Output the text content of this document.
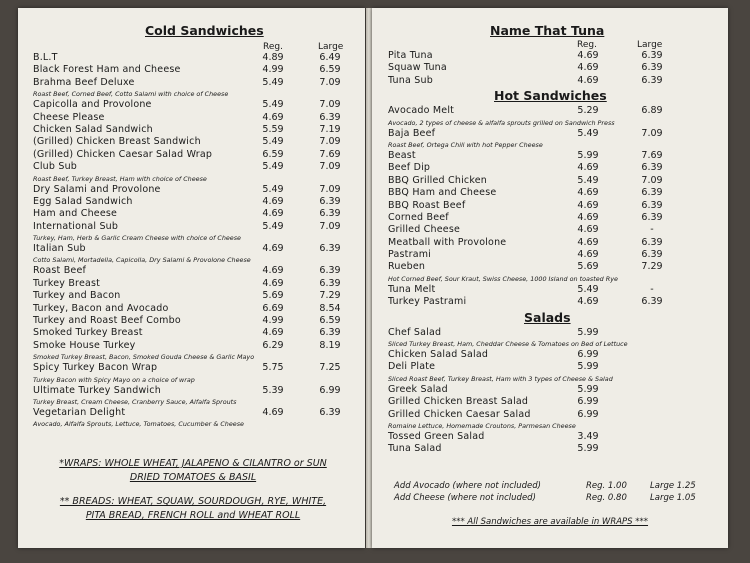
Cold Sandwiches
Reg.	Large
B.L.T	4.89	6.49
Black Forest Ham and Cheese	4.99	6.59
Brahma Beef Deluxe	5.49	7.09
Roast Beef, Corned Beef, Cotto Salami with choice of Cheese
Capicolla and Provolone	5.49	7.09
Cheese Please	4.69	6.39
Chicken Salad Sandwich	5.59	7.19
(Grilled) Chicken Breast Sandwich	5.49	7.09
(Grilled) Chicken Caesar Salad Wrap	6.59	7.69
Club Sub	5.49	7.09
Roast Beef, Turkey Breast, Ham with choice of Cheese
Dry Salami and Provolone	5.49	7.09
Egg Salad Sandwich	4.69	6.39
Ham and Cheese	4.69	6.39
International Sub	5.49	7.09
Turkey, Ham, Herb & Garlic Cream Cheese with choice of Cheese
Italian Sub	4.69	6.39
Cotto Salami, Mortadella, Capicolla, Dry Salami & Provolone Cheese
Roast Beef	4.69	6.39
Turkey Breast	4.69	6.39
Turkey and Bacon	5.69	7.29
Turkey, Bacon and Avocado	6.69	8.54
Turkey and Roast Beef Combo	4.99	6.59
Smoked Turkey Breast	4.69	6.39
Smoke House Turkey	6.29	8.19
Smoked Turkey Breast, Bacon, Smoked Gouda Cheese & Garlic Mayo
Spicy Turkey Bacon Wrap	5.75	7.25
Turkey Bacon with Spicy Mayo on a choice of wrap
Ultimate Turkey Sandwich	5.39	6.99
Turkey Breast, Cream Cheese, Cranberry Sauce, Alfalfa Sprouts
Vegetarian Delight	4.69	6.39
Avocado, Alfalfa Sprouts, Lettuce, Tomatoes, Cucumber & Cheese
*WRAPS: WHOLE WHEAT, JALAPENO & CILANTRO or SUN
DRIED TOMATOES & BASIL
** BREADS: WHEAT, SQUAW, SOURDOUGH, RYE, WHITE,
PITA BREAD, FRENCH ROLL and WHEAT ROLL
Name That Tuna
Reg.	Large
Pita Tuna	4.69	6.39
Squaw Tuna	4.69	6.39
Tuna Sub	4.69	6.39
Hot Sandwiches
Avocado Melt	5.29	6.89
Avocado, 2 types of cheese & alfalfa sprouts grilled on Sandwich Press
Baja Beef	5.49	7.09
Roast Beef, Ortega Chili with hot Pepper Cheese
Beast	5.99	7.69
Beef Dip	4.69	6.39
BBQ Grilled Chicken	5.49	7.09
BBQ Ham and Cheese	4.69	6.39
BBQ Roast Beef	4.69	6.39
Corned Beef	4.69	6.39
Grilled Cheese	4.69	-
Meatball with Provolone	4.69	6.39
Pastrami	4.69	6.39
Rueben	5.69	7.29
Hot Corned Beef, Sour Kraut, Swiss Cheese, 1000 Island on toasted Rye
Tuna Melt	5.49	-
Turkey Pastrami	4.69	6.39
Salads
Chef Salad	5.99
Sliced Turkey Breast, Ham, Cheddar Cheese & Tomatoes on Bed of Lettuce
Chicken Salad Salad	6.99
Deli Plate	5.99
Sliced Roast Beef, Turkey Breast, Ham with 3 types of Cheese & Salad
Greek Salad	5.99
Grilled Chicken Breast Salad	6.99
Grilled Chicken Caesar Salad	6.99
Romaine Lettuce, Homemade Croutons, Parmesan Cheese
Tossed Green Salad	3.49
Tuna Salad	5.99
Add Avocado (where not included)	Reg. 1.00	Large 1.25
Add Cheese (where not included)	Reg. 0.80	Large 1.05
*** All Sandwiches are available in WRAPS ***
